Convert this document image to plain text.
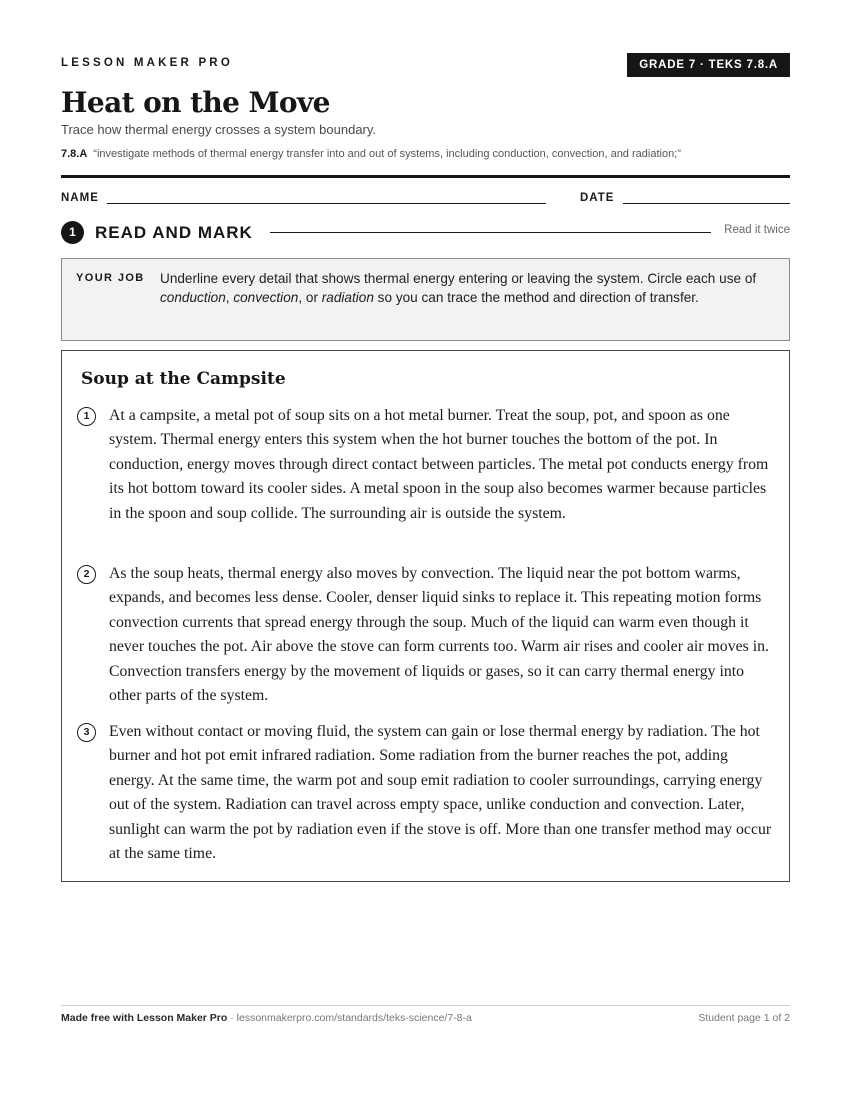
LESSON MAKER PRO	GRADE 7 · TEKS 7.8.A
Heat on the Move
Trace how thermal energy crosses a system boundary.
7.8.A “investigate methods of thermal energy transfer into and out of systems, including conduction, convection, and radiation;”
NAME	DATE
1	READ AND MARK	Read it twice
YOUR JOB Underline every detail that shows thermal energy entering or leaving the system. Circle each use of conduction, convection, or radiation so you can trace the method and direction of transfer.
Soup at the Campsite
1	At a campsite, a metal pot of soup sits on a hot metal burner. Treat the soup, pot, and spoon as one system. Thermal energy enters this system when the hot burner touches the bottom of the pot. In conduction, energy moves through direct contact between particles. The metal pot conducts energy from its hot bottom toward its cooler sides. A metal spoon in the soup also becomes warmer because particles in the spoon and soup collide. The surrounding air is outside the system.

2	As the soup heats, thermal energy also moves by convection. The liquid near the pot bottom warms, expands, and becomes less dense. Cooler, denser liquid sinks to replace it. This repeating motion forms convection currents that spread energy through the soup. Much of the liquid can warm even though it never touches the pot. Air above the stove can form currents too. Warm air rises and cooler air moves in. Convection transfers energy by the movement of liquids or gases, so it can carry thermal energy into other parts of the system.

3	Even without contact or moving fluid, the system can gain or lose thermal energy by radiation. The hot burner and hot pot emit infrared radiation. Some radiation from the burner reaches the pot, adding energy. At the same time, the warm pot and soup emit radiation to cooler surroundings, carrying energy out of the system. Radiation can travel across empty space, unlike conduction and convection. Later, sunlight can warm the pot by radiation even if the stove is off. More than one transfer method may occur at the same time.

Made free with Lesson Maker Pro · lessonmakerpro.com/standards/teks-science/7-8-a	Student page 1 of 2
